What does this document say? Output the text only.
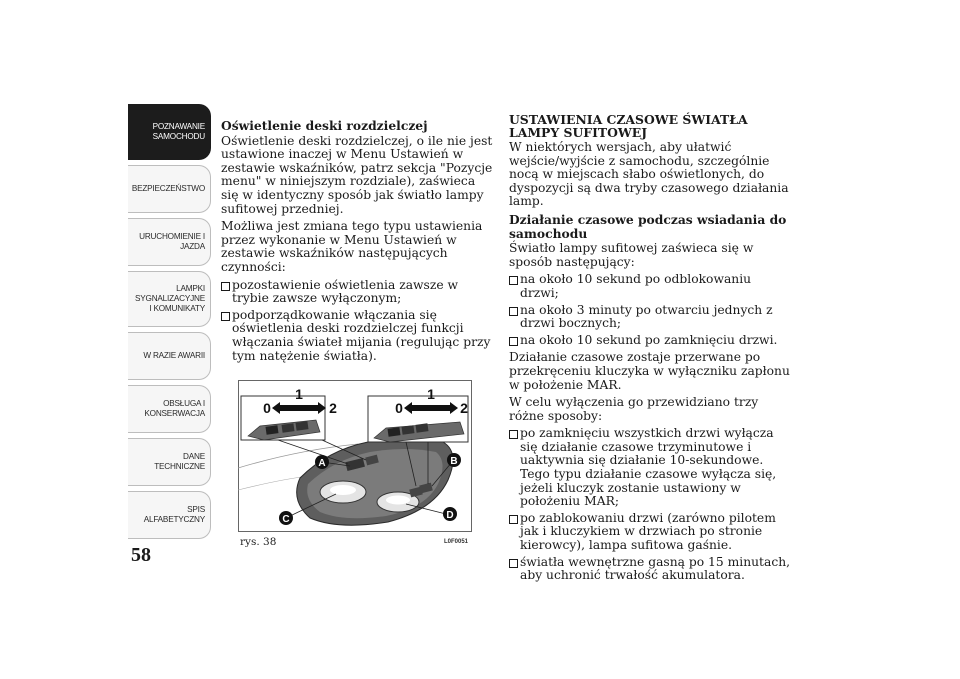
POZNAWANIE
SAMOCHODU
BEZPIECZEŃSTWO
URUCHOMIENIE I
JAZDA
LAMPKI
SYGNALIZACYJNE
I KOMUNIKATY
W RAZIE AWARII
OBSŁUGA I
KONSERWACJA
DANE
TECHNICZNE
SPIS
ALFABETYCZNY
58
Oświetlenie deski rozdzielczej

Oświetlenie deski rozdzielczej, o ile nie jest ustawione inaczej w Menu Ustawień w zestawie wskaźników, patrz sekcja "Pozycje menu" w niniejszym rozdziale), zaświeca się w identyczny sposób jak światło lampy sufitowej przedniej.

Możliwa jest zmiana tego typu ustawienia przez wykonanie w Menu Ustawień w zestawie wskaźników następujących czynności:

pozostawienie oświetlenia zawsze w trybie zawsze wyłączonym;
podporządkowanie włączania się oświetlenia deski rozdzielczej funkcji włączania świateł mijania (regulując przy tym natężenie światła).
A	B
C	D
0
1
2	0
1
2
rys. 38	L0F0051
USTAWIENIA CZASOWE ŚWIATŁA LAMPY SUFITOWEJ

W niektórych wersjach, aby ułatwić wejście/wyjście z samochodu, szczególnie nocą w miejscach słabo oświetlonych, do dyspozycji są dwa tryby czasowego działania lamp.

Działanie czasowe podczas wsiadania do samochodu

Światło lampy sufitowej zaświeca się w sposób następujący:

na około 10 sekund po odblokowaniu drzwi;
na około 3 minuty po otwarciu jednych z drzwi bocznych;
na około 10 sekund po zamknięciu drzwi.

Działanie czasowe zostaje przerwane po przekręceniu kluczyka w wyłączniku zapłonu w położenie MAR.

W celu wyłączenia go przewidziano trzy różne sposoby:

po zamknięciu wszystkich drzwi wyłącza się działanie czasowe trzyminutowe i uaktywnia się działanie 10-sekundowe. Tego typu działanie czasowe wyłącza się, jeżeli kluczyk zostanie ustawiony w położeniu MAR;
po zablokowaniu drzwi (zarówno pilotem jak i kluczykiem w drzwiach po stronie kierowcy), lampa sufitowa gaśnie.
światła wewnętrzne gasną po 15 minutach, aby uchronić trwałość akumulatora.
